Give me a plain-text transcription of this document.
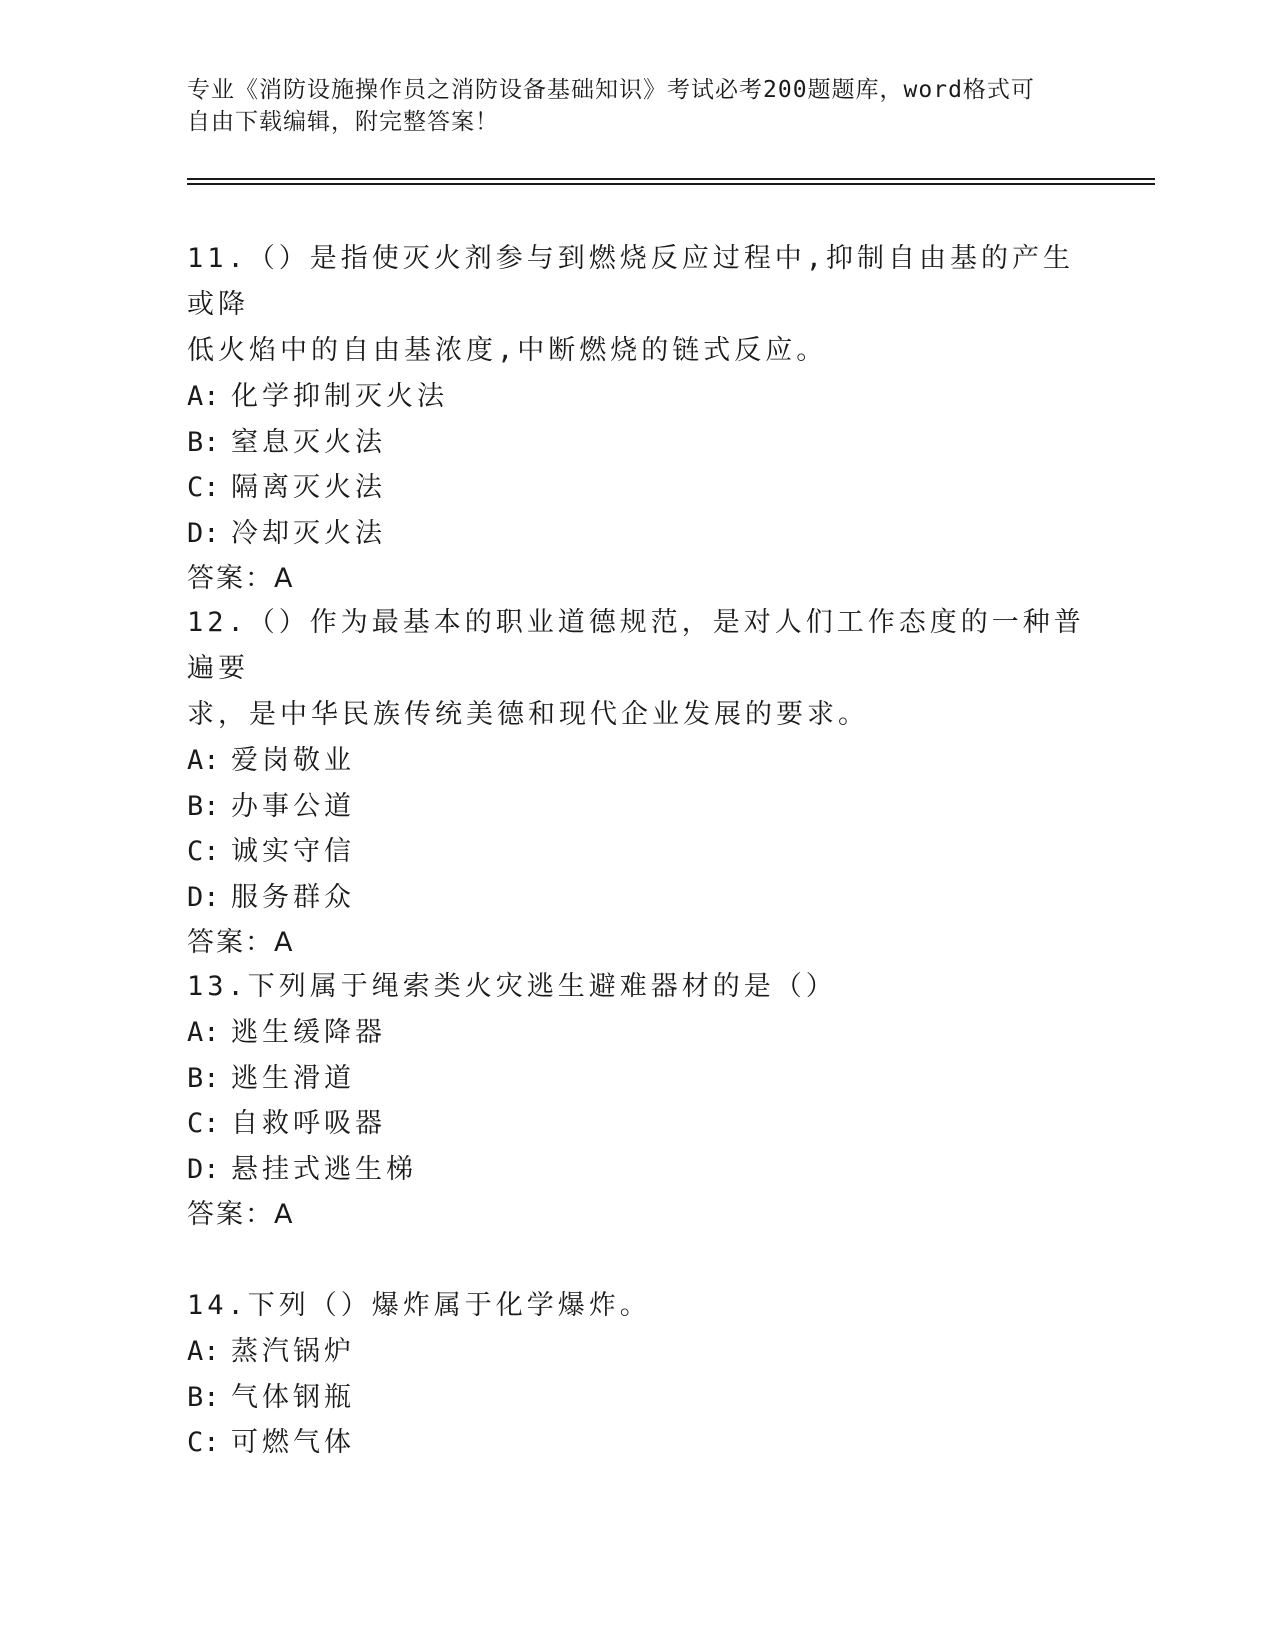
专业《消防设施操作员之消防设备基础知识》考试必考200题题库，word格式可
自由下载编辑，附完整答案！

11.（）是指使灭火剂参与到燃烧反应过程中,抑制自由基的产生或降

低火焰中的自由基浓度,中断燃烧的链式反应。

A: 化学抑制灭火法

B: 窒息灭火法

C: 隔离灭火法

D: 冷却灭火法

答案：A

12.（）作为最基本的职业道德规范，是对人们工作态度的一种普遍要

求，是中华民族传统美德和现代企业发展的要求。

A: 爱岗敬业

B: 办事公道

C: 诚实守信

D: 服务群众

答案：A

13.下列属于绳索类火灾逃生避难器材的是（）

A: 逃生缓降器

B: 逃生滑道

C: 自救呼吸器

D: 悬挂式逃生梯

答案：A

14.下列（）爆炸属于化学爆炸。

A: 蒸汽锅炉

B: 气体钢瓶

C: 可燃气体
